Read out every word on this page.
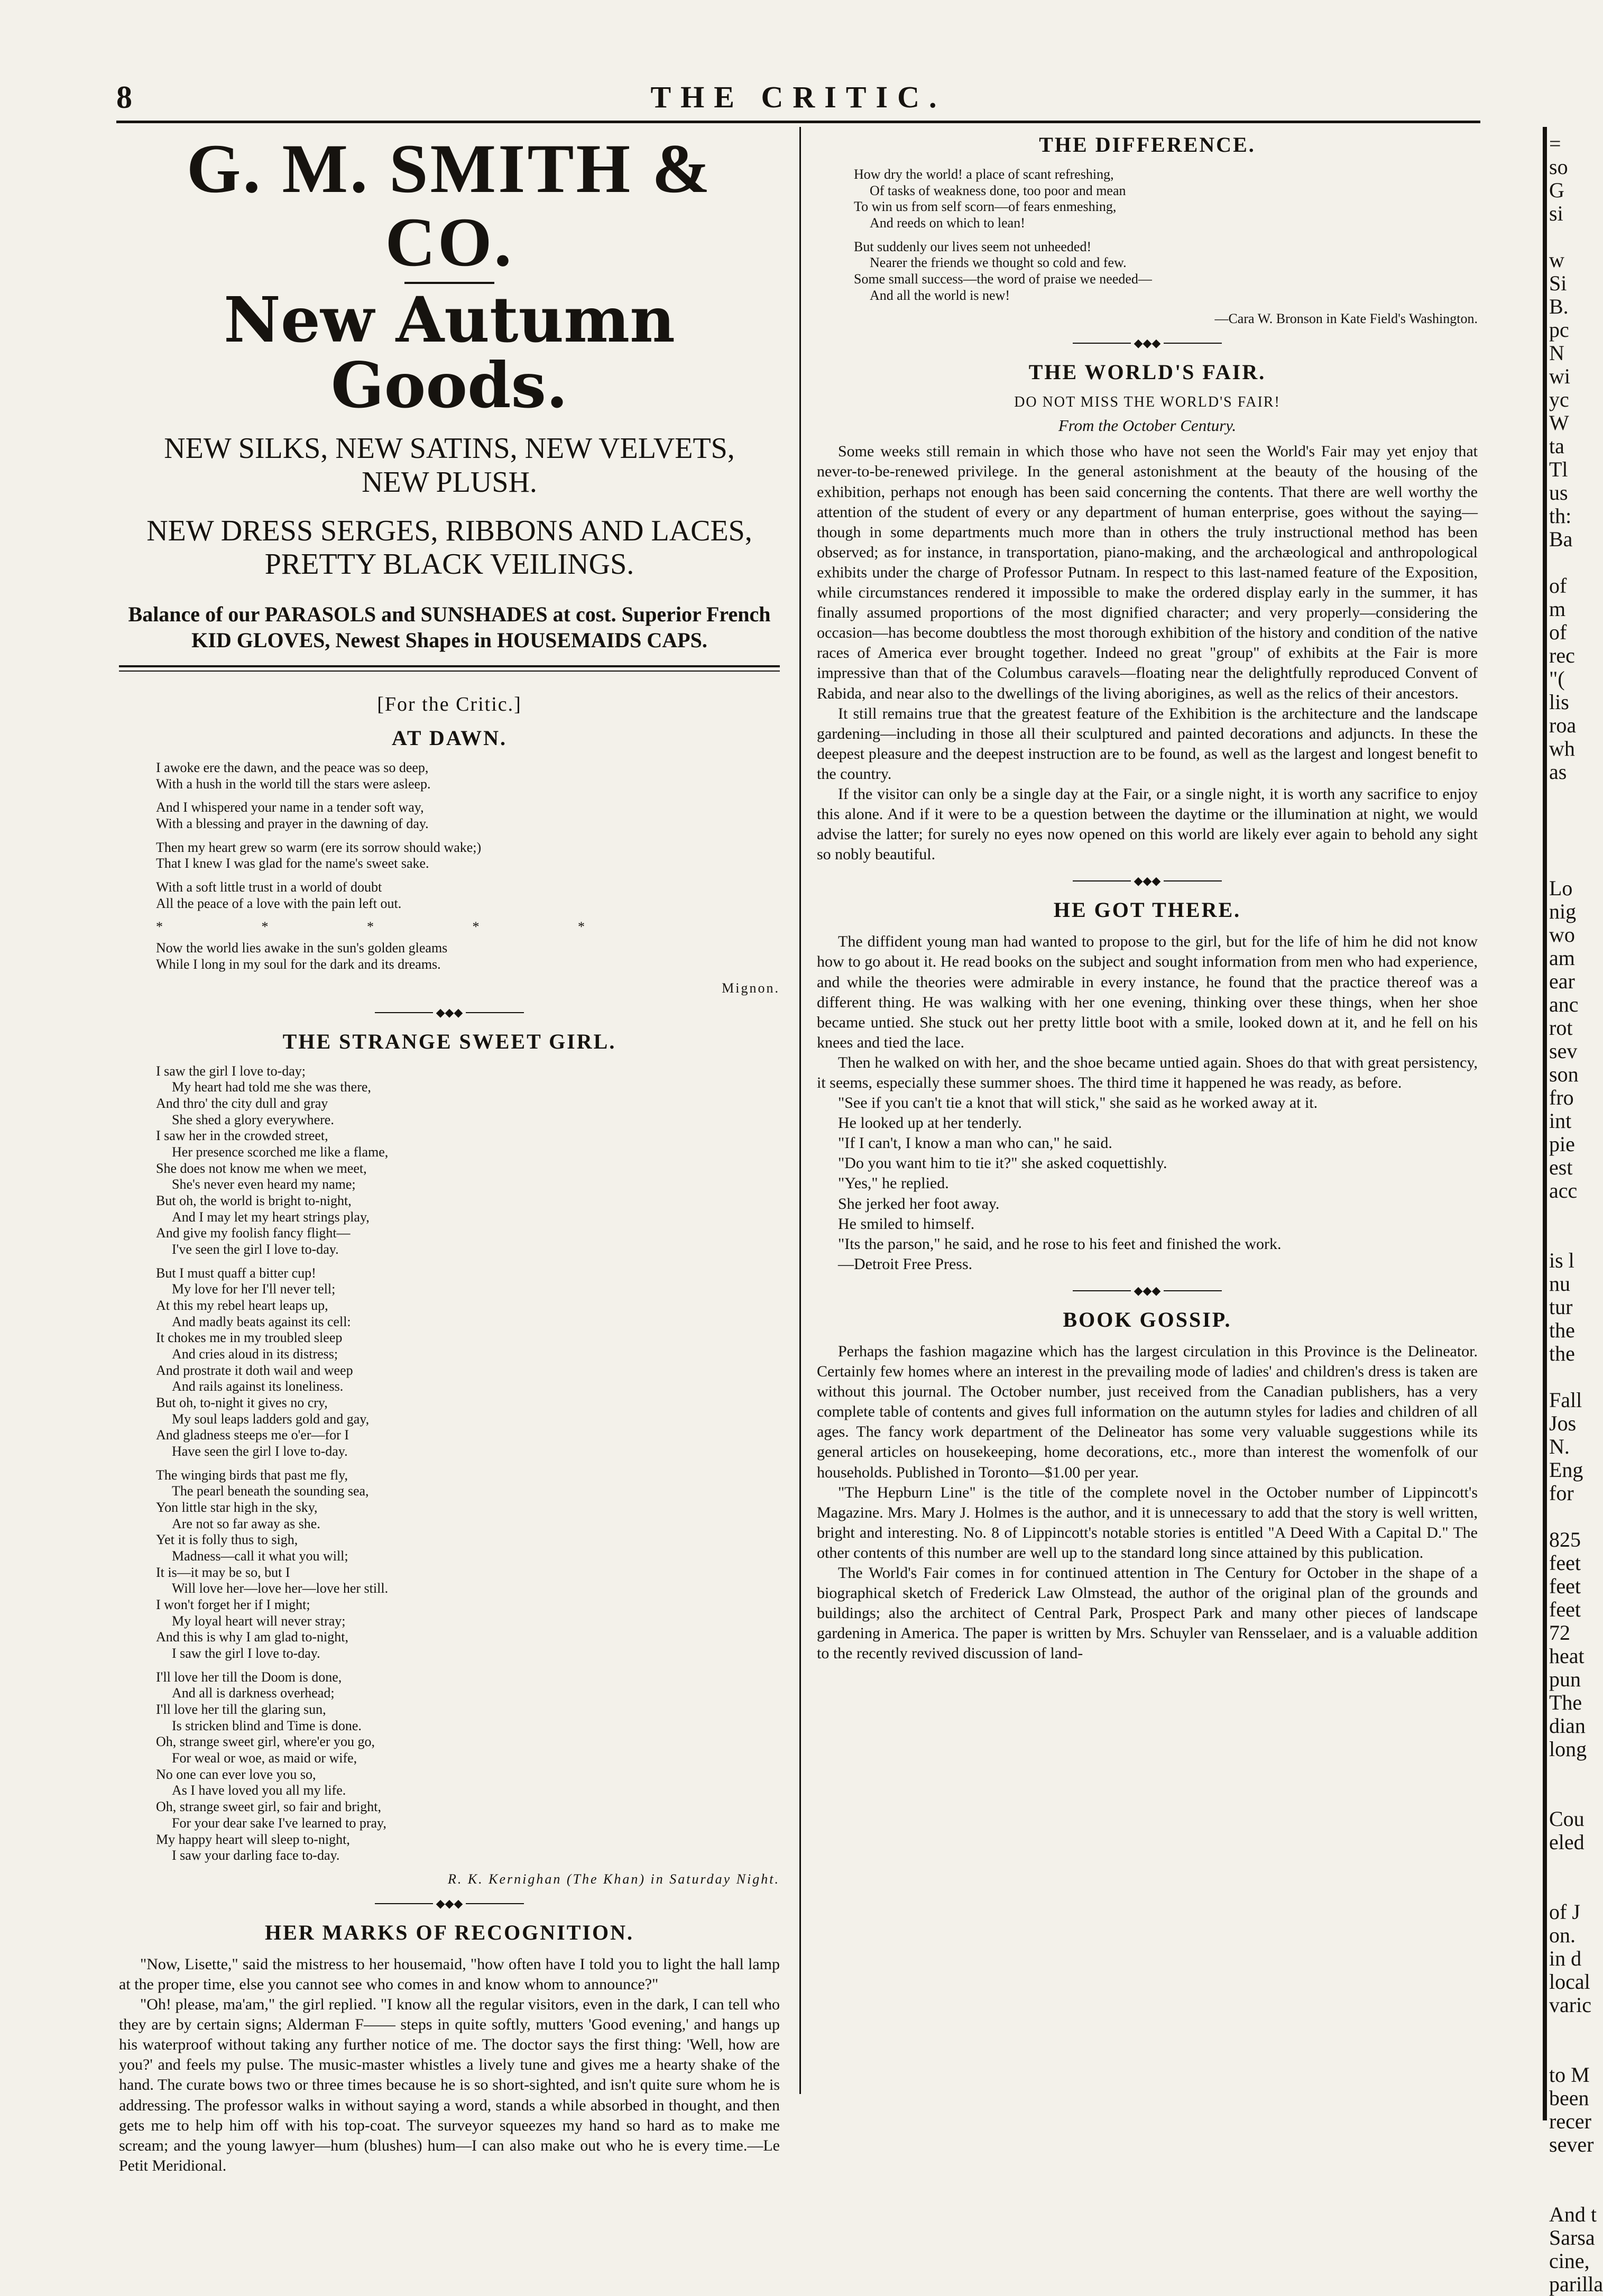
8	THE CRITIC.
G. M. SMITH & CO.
New Autumn Goods.

NEW SILKS, NEW SATINS, NEW VELVETS,

NEW PLUSH.

NEW DRESS SERGES, RIBBONS AND LACES,

PRETTY BLACK VEILINGS.

Balance of our PARASOLS and SUNSHADES at cost. Superior French

KID GLOVES, Newest Shapes in HOUSEMAIDS CAPS.

[For the Critic.]

AT DAWN.
I awoke ere the dawn, and the peace was so deep,
With a hush in the world till the stars were asleep.
And I whispered your name in a tender soft way,
With a blessing and prayer in the dawning of day.
Then my heart grew so warm (ere its sorrow should wake;)
That I knew I was glad for the name's sweet sake.
With a soft little trust in a world of doubt
All the peace of a love with the pain left out.

* * * * *

Now the world lies awake in the sun's golden gleams
While I long in my soul for the dark and its dreams.

Mignon.

◆◆◆
THE STRANGE SWEET GIRL.
I saw the girl I love to-day;
My heart had told me she was there,
And thro' the city dull and gray
She shed a glory everywhere.
I saw her in the crowded street,
Her presence scorched me like a flame,
She does not know me when we meet,
She's never even heard my name;
But oh, the world is bright to-night,
And I may let my heart strings play,
And give my foolish fancy flight—
I've seen the girl I love to-day.
But I must quaff a bitter cup!
My love for her I'll never tell;
At this my rebel heart leaps up,
And madly beats against its cell:
It chokes me in my troubled sleep
And cries aloud in its distress;
And prostrate it doth wail and weep
And rails against its loneliness.
But oh, to-night it gives no cry,
My soul leaps ladders gold and gay,
And gladness steeps me o'er—for I
Have seen the girl I love to-day.
The winging birds that past me fly,
The pearl beneath the sounding sea,
Yon little star high in the sky,
Are not so far away as she.
Yet it is folly thus to sigh,
Madness—call it what you will;
It is—it may be so, but I
Will love her—love her—love her still.
I won't forget her if I might;
My loyal heart will never stray;
And this is why I am glad to-night,
I saw the girl I love to-day.
I'll love her till the Doom is done,
And all is darkness overhead;
I'll love her till the glaring sun,
Is stricken blind and Time is done.
Oh, strange sweet girl, where'er you go,
For weal or woe, as maid or wife,
No one can ever love you so,
As I have loved you all my life.
Oh, strange sweet girl, so fair and bright,
For your dear sake I've learned to pray,
My happy heart will sleep to-night,
I saw your darling face to-day.

R. K. Kernighan (The Khan) in Saturday Night.

◆◆◆
HER MARKS OF RECOGNITION.

"Now, Lisette," said the mistress to her housemaid, "how often have I told you to light the hall lamp at the proper time, else you cannot see who comes in and know whom to announce?"

"Oh! please, ma'am," the girl replied. "I know all the regular visitors, even in the dark, I can tell who they are by certain signs; Alderman F—— steps in quite softly, mutters 'Good evening,' and hangs up his waterproof without taking any further notice of me. The doctor says the first thing: 'Well, how are you?' and feels my pulse. The music-master whistles a lively tune and gives me a hearty shake of the hand. The curate bows two or three times because he is so short-sighted, and isn't quite sure whom he is addressing. The professor walks in without saying a word, stands a while absorbed in thought, and then gets me to help him off with his top-coat. The surveyor squeezes my hand so hard as to make me scream; and the young lawyer—hum (blushes) hum—I can also make out who he is every time.—Le Petit Meridional.

THE DIFFERENCE.
How dry the world! a place of scant refreshing,
Of tasks of weakness done, too poor and mean
To win us from self scorn—of fears enmeshing,
And reeds on which to lean!
But suddenly our lives seem not unheeded!
Nearer the friends we thought so cold and few.
Some small success—the word of praise we needed—
And all the world is new!

—Cara W. Bronson in Kate Field's Washington.

◆◆◆
THE WORLD'S FAIR.

DO NOT MISS THE WORLD'S FAIR!

From the October Century.

Some weeks still remain in which those who have not seen the World's Fair may yet enjoy that never-to-be-renewed privilege. In the general astonishment at the beauty of the housing of the exhibition, perhaps not enough has been said concerning the contents. That there are well worthy the attention of the student of every or any department of human enterprise, goes without the saying—though in some departments much more than in others the truly instructional method has been observed; as for instance, in transportation, piano-making, and the archæological and anthropological exhibits under the charge of Professor Putnam. In respect to this last-named feature of the Exposition, while circumstances rendered it impossible to make the ordered display early in the summer, it has finally assumed proportions of the most dignified character; and very properly—considering the occasion—has become doubtless the most thorough exhibition of the history and condition of the native races of America ever brought together. Indeed no great "group" of exhibits at the Fair is more impressive than that of the Columbus caravels—floating near the delightfully reproduced Convent of Rabida, and near also to the dwellings of the living aborigines, as well as the relics of their ancestors.

It still remains true that the greatest feature of the Exhibition is the architecture and the landscape gardening—including in those all their sculptured and painted decorations and adjuncts. In these the deepest pleasure and the deepest instruction are to be found, as well as the largest and longest benefit to the country.

If the visitor can only be a single day at the Fair, or a single night, it is worth any sacrifice to enjoy this alone. And if it were to be a question between the daytime or the illumination at night, we would advise the latter; for surely no eyes now opened on this world are likely ever again to behold any sight so nobly beautiful.

◆◆◆
HE GOT THERE.

The diffident young man had wanted to propose to the girl, but for the life of him he did not know how to go about it. He read books on the subject and sought information from men who had experience, and while the theories were admirable in every instance, he found that the practice thereof was a different thing. He was walking with her one evening, thinking over these things, when her shoe became untied. She stuck out her pretty little boot with a smile, looked down at it, and he fell on his knees and tied the lace.

Then he walked on with her, and the shoe became untied again. Shoes do that with great persistency, it seems, especially these summer shoes. The third time it happened he was ready, as before.

"See if you can't tie a knot that will stick," she said as he worked away at it.

He looked up at her tenderly.

"If I can't, I know a man who can," he said.

"Do you want him to tie it?" she asked coquettishly.

"Yes," he replied.

She jerked her foot away.

He smiled to himself.

"Its the parson," he said, and he rose to his feet and finished the work.

—Detroit Free Press.

◆◆◆
BOOK GOSSIP.

Perhaps the fashion magazine which has the largest circulation in this Province is the Delineator. Certainly few homes where an interest in the prevailing mode of ladies' and children's dress is taken are without this journal. The October number, just received from the Canadian publishers, has a very complete table of contents and gives full information on the autumn styles for ladies and children of all ages. The fancy work department of the Delineator has some very valuable suggestions while its general articles on housekeeping, home decorations, etc., more than interest the womenfolk of our households. Published in Toronto—$1.00 per year.

"The Hepburn Line" is the title of the complete novel in the October number of Lippincott's Magazine. Mrs. Mary J. Holmes is the author, and it is unnecessary to add that the story is well written, bright and interesting. No. 8 of Lippincott's notable stories is entitled "A Deed With a Capital D." The other contents of this number are well up to the standard long since attained by this publication.

The World's Fair comes in for continued attention in The Century for October in the shape of a biographical sketch of Frederick Law Olmstead, the author of the original plan of the grounds and buildings; also the architect of Central Park, Prospect Park and many other pieces of landscape gardening in America. The paper is written by Mrs. Schuyler van Rensselaer, and is a valuable addition to the recently revived discussion of land-

=

so

G

si

w

Si

B.

pc

N

wi

yc

W

ta

Tl

us

th:

Ba

of

m

of

rec

"(

lis

roa

wh

as

Lo

nig

wo

am

ear

anc

rot

sev

son

fro

int

pie

est

acc

is l

nu

tur

the

the

Fall

Jos

N.

Eng

for

825

feet

feet

feet

72

heat

pun

The

dian

long

Cou

eled

of J

on.

in d

local

varic

to M

been

recer

sever

And t

Sarsa

cine,

parilla
